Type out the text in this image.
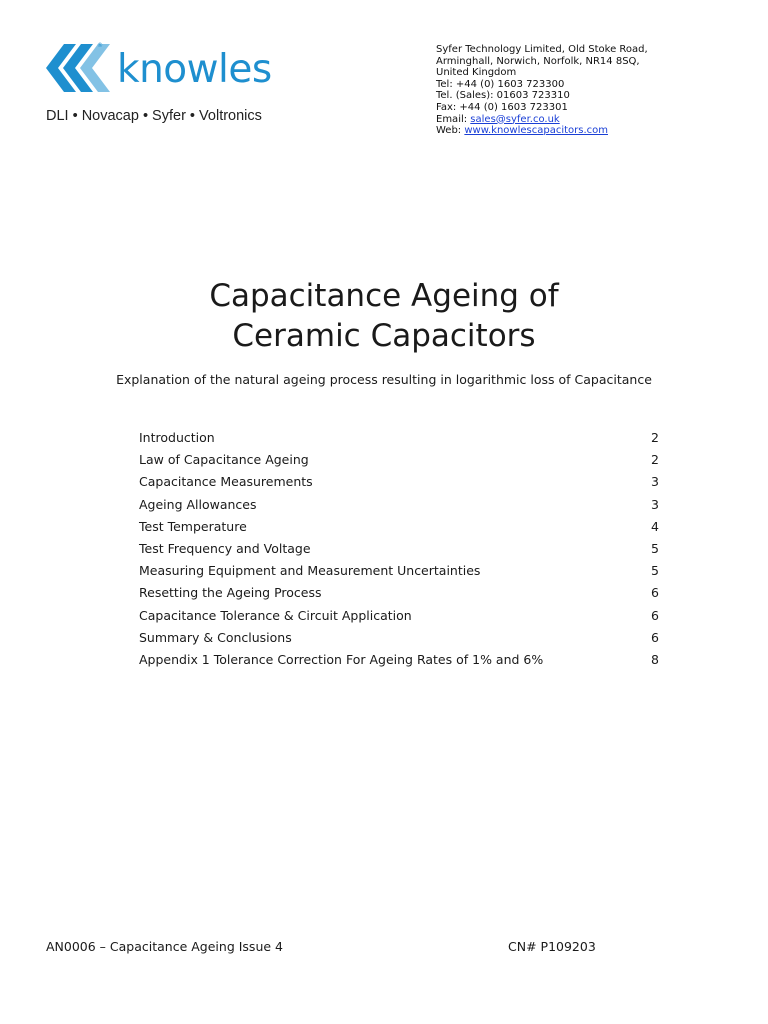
®
knowles
DLI • Novacap • Syfer • Voltronics
Syfer Technology Limited, Old Stoke Road,
Arminghall, Norwich, Norfolk, NR14 8SQ,
United Kingdom
Tel: +44 (0) 1603 723300
Tel. (Sales): 01603 723310
Fax: +44 (0) 1603 723301
Email: sales@syfer.co.uk
Web: www.knowlescapacitors.com
Capacitance Ageing of
Ceramic Capacitors
Explanation of the natural ageing process resulting in logarithmic loss of Capacitance
Introduction	2
Law of Capacitance Ageing	2
Capacitance Measurements	3
Ageing Allowances	3
Test Temperature	4
Test Frequency and Voltage	5
Measuring Equipment and Measurement Uncertainties	5
Resetting the Ageing Process	6
Capacitance Tolerance & Circuit Application	6
Summary & Conclusions	6
Appendix 1 Tolerance Correction For Ageing Rates of 1% and 6%	8
AN0006 – Capacitance Ageing Issue 4	CN# P109203
